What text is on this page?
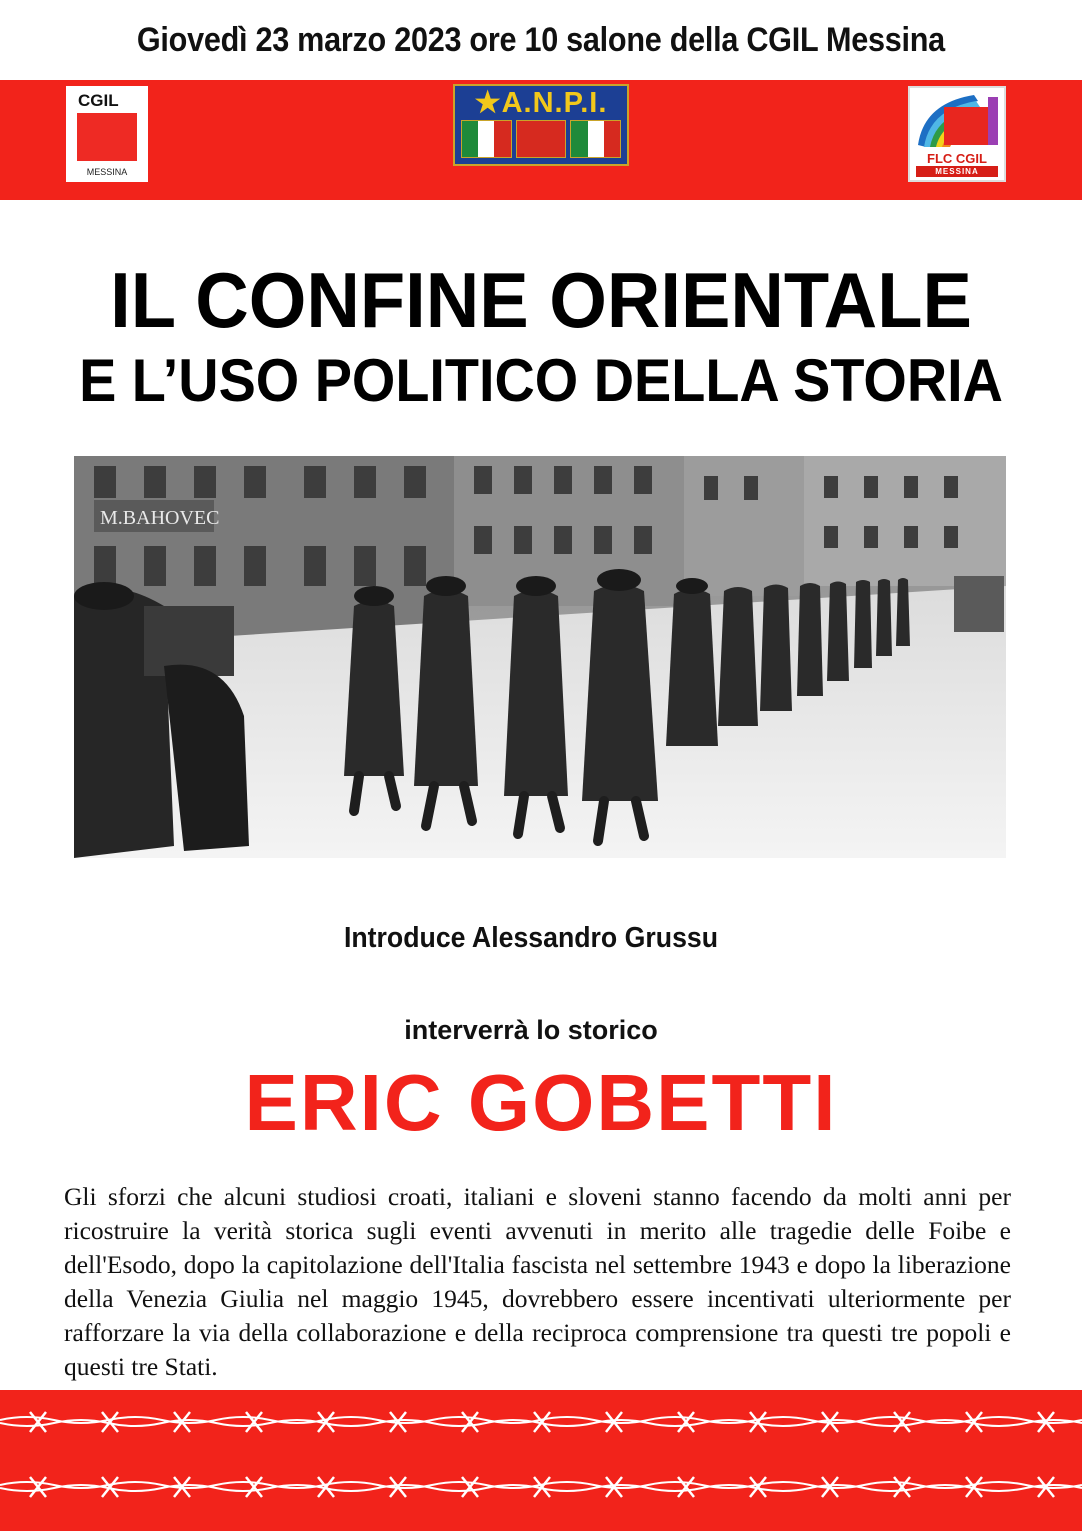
Giovedì 23 marzo 2023 ore 10 salone della CGIL Messina
CGIL
MESSINA
★A.N.P.I.
FLC CGIL
MESSINA
IL CONFINE ORIENTALE
E L’USO POLITICO DELLA STORIA
M.BAHOVEC
Introduce Alessandro Grussu
interverrà lo storico
ERIC GOBETTI
Gli sforzi che alcuni studiosi croati, italiani e sloveni stanno facendo da molti anni per ricostruire la verità storica sugli eventi avvenuti in merito alle tragedie delle Foibe e dell'Esodo, dopo la capitolazione dell'Italia fascista nel settembre 1943 e dopo la liberazione della Venezia Giulia nel maggio 1945, dovrebbero essere incentivati ulteriormente per rafforzare la via della collaborazione e della reciproca comprensione tra questi tre popoli e questi tre Stati.
